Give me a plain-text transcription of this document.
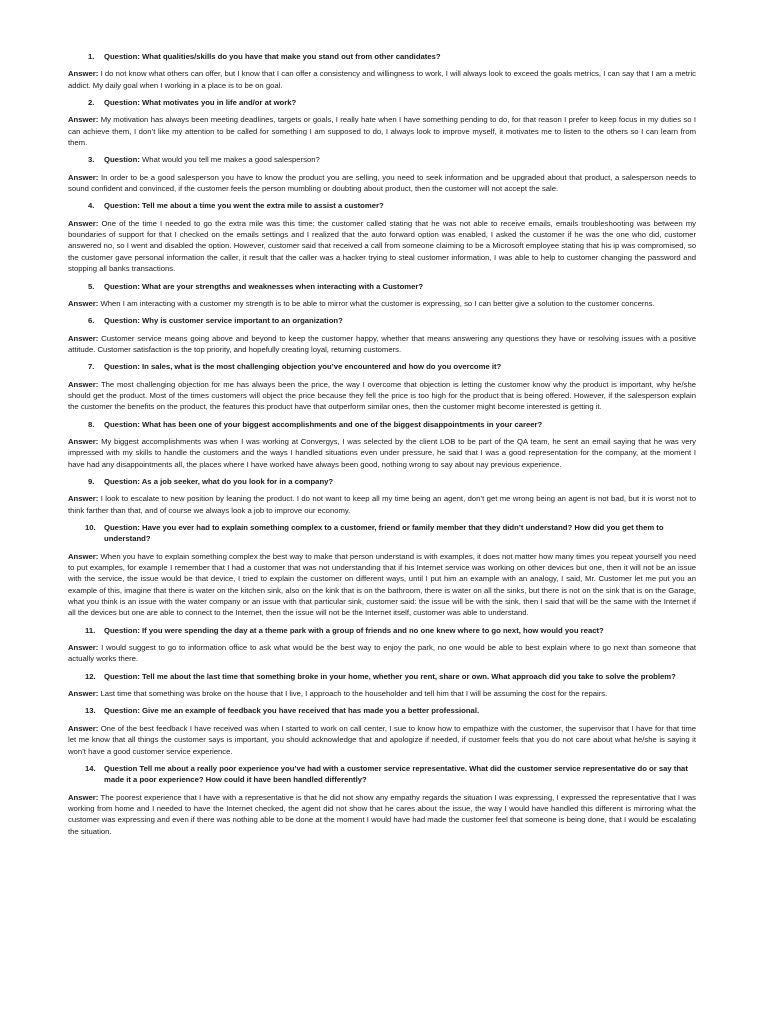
1.	Question: What qualities/skills do you have that make you stand out from other candidates?

Answer: I do not know what others can offer, but I know that I can offer a consistency and willingness to work, I will always look to exceed the goals metrics, I can say that I am a metric addict. My daily goal when I working in a place is to be on goal.

2.	Question: What motivates you in life and/or at work?

Answer: My motivation has always been meeting deadlines, targets or goals, I really hate when I have something pending to do, for that reason I prefer to keep focus in my duties so I can achieve them, I don’t like my attention to be called for something I am supposed to do, I always look to improve myself, it motivates me to listen to the others so I can learn from them.

3.	Question: What would you tell me makes a good salesperson?

Answer: In order to be a good salesperson you have to know the product you are selling, you need to seek information and be upgraded about that product, a salesperson needs to sound confident and convinced, if the customer feels the person mumbling or doubting about product, then the customer will not accept the sale.

4.	Question: Tell me about a time you went the extra mile to assist a customer?

Answer: One of the time I needed to go the extra mile was this time: the customer called stating that he was not able to receive emails, emails troubleshooting was between my boundaries of support for that I checked on the emails settings and I realized that the auto forward option was enabled, I asked the customer if he was the one who did, customer answered no, so I went and disabled the option. However, customer said that received a call from someone claiming to be a Microsoft employee stating that his ip was compromised, so the customer gave personal information the caller, it result that the caller was a hacker trying to steal customer information, I was able to help to customer changing the password and stopping all banks transactions.

5.	Question: What are your strengths and weaknesses when interacting with a Customer?

Answer: When I am interacting with a customer my strength is to be able to mirror what the customer is expressing, so I can better give a solution to the customer concerns.

6.	Question: Why is customer service important to an organization?

Answer: Customer service means going above and beyond to keep the customer happy, whether that means answering any questions they have or resolving issues with a positive attitude. Customer satisfaction is the top priority, and hopefully creating loyal, returning customers.

7.	Question: In sales, what is the most challenging objection you’ve encountered and how do you overcome it?

Answer: The most challenging objection for me has always been the price, the way I overcome that objection is letting the customer know why the product is important, why he/she should get the product. Most of the times customers will object the price because they fell the price is too high for the product that is being offered. However, if the salesperson explain the customer the benefits on the product, the features this product have that outperform similar ones, then the customer might become interested is getting it.

8.	Question: What has been one of your biggest accomplishments and one of the biggest disappointments in your career?

Answer: My biggest accomplishments was when I was working at Convergys, I was selected by the client LOB to be part of the QA team, he sent an email saying that he was very impressed with my skills to handle the customers and the ways I handled situations even under pressure, he said that I was a good representation for the company, at the moment I have had any disappointments all, the places where I have worked have always been good, nothing wrong to say about nay previous experience.

9.	Question: As a job seeker, what do you look for in a company?

Answer: I look to escalate to new position by leaning the product. I do not want to keep all my time being an agent, don’t get me wrong being an agent is not bad, but it is worst not to think farther than that, and of course we always look a job to improve our economy.

10.	Question: Have you ever had to explain something complex to a customer, friend or family member that they didn’t understand? How did you get them to understand?

Answer: When you have to explain something complex the best way to make that person understand is with examples, it does not matter how many times you repeat yourself you need to put examples, for example I remember that I had a customer that was not understanding that if his Internet service was working on other devices but one, then it will not be an issue with the service, the issue would be that device, I tried to explain the customer on different ways, until I put him an example with an analogy, I said, Mr. Customer let me put you an example of this, imagine that there is water on the kitchen sink, also on the kink that is on the bathroom, there is water on all the sinks, but there is not on the sink that is on the Garage, what you think is an issue with the water company or an issue with that particular sink, customer said: the issue will be with the sink, then I said that will be the same with the Internet if all the devices but one are able to connect to the Internet, then the issue will not be the Internet itself, customer was able to understand.

11.	Question: If you were spending the day at a theme park with a group of friends and no one knew where to go next, how would you react?

Answer: I would suggest to go to information office to ask what would be the best way to enjoy the park, no one would be able to best explain where to go next than someone that actually works there.

12.	Question: Tell me about the last time that something broke in your home, whether you rent, share or own. What approach did you take to solve the problem?

Answer: Last time that something was broke on the house that I live, I approach to the householder and tell him that I will be assuming the cost for the repairs.

13.	Question: Give me an example of feedback you have received that has made you a better professional.

Answer: One of the best feedback I have received was when I started to work on call center, I sue to know how to empathize with the customer, the supervisor that I have for that time let me know that all things the customer says is important, you should acknowledge that and apologize if needed, if customer feels that you do not care about what he/she is saying it won’t have a good customer service experience.

14.	Question Tell me about a really poor experience you’ve had with a customer service representative. What did the customer service representative do or say that made it a poor experience? How could it have been handled differently?

Answer: The poorest experience that I have with a representative is that he did not show any empathy regards the situation I was expressing, I expressed the representative that I was working from home and I needed to have the Internet checked, the agent did not show that he cares about the issue, the way I would have handled this different is mirroring what the customer was expressing and even if there was nothing able to be done at the moment I would have had made the customer feel that someone is being done, that I would be escalating the situation.
